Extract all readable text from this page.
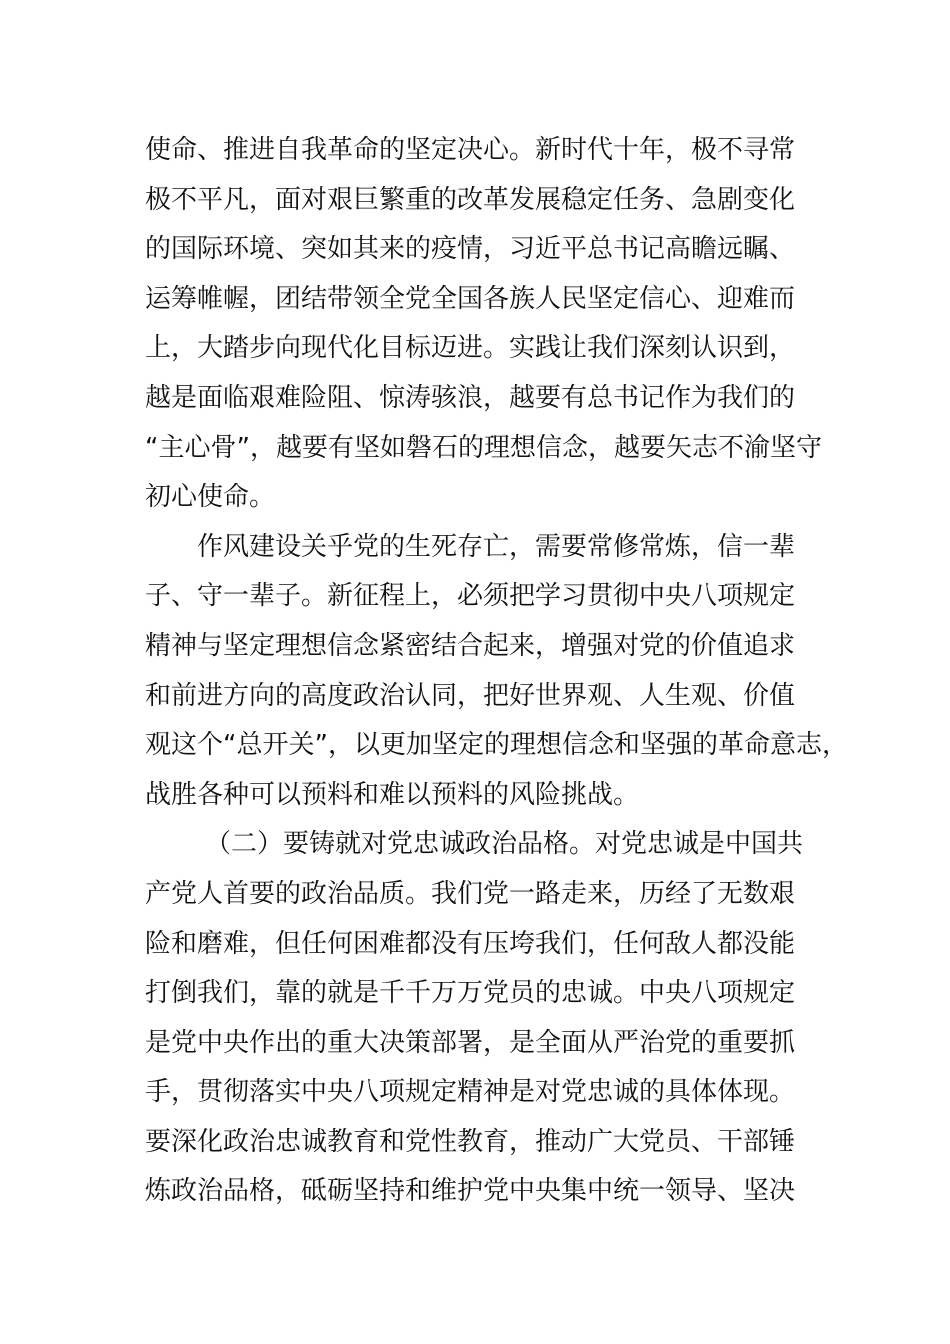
使命、推进自我革命的坚定决心。新时代十年，极不寻常
极不平凡，面对艰巨繁重的改革发展稳定任务、急剧变化
的国际环境、突如其来的疫情，习近平总书记高瞻远瞩、
运筹帷幄，团结带领全党全国各族人民坚定信心、迎难而
上，大踏步向现代化目标迈进。实践让我们深刻认识到，
越是面临艰难险阻、惊涛骇浪，越要有总书记作为我们的
“主心骨”，越要有坚如磐石的理想信念，越要矢志不渝坚守
初心使命。
作风建设关乎党的生死存亡，需要常修常炼，信一辈
子、守一辈子。新征程上，必须把学习贯彻中央八项规定
精神与坚定理想信念紧密结合起来，增强对党的价值追求
和前进方向的高度政治认同，把好世界观、人生观、价值
观这个“总开关”，以更加坚定的理想信念和坚强的革命意志，
战胜各种可以预料和难以预料的风险挑战。
（二）要铸就对党忠诚政治品格。对党忠诚是中国共
产党人首要的政治品质。我们党一路走来，历经了无数艰
险和磨难，但任何困难都没有压垮我们，任何敌人都没能
打倒我们，靠的就是千千万万党员的忠诚。中央八项规定
是党中央作出的重大决策部署，是全面从严治党的重要抓
手，贯彻落实中央八项规定精神是对党忠诚的具体体现。
要深化政治忠诚教育和党性教育，推动广大党员、干部锤
炼政治品格，砥砺坚持和维护党中央集中统一领导、坚决
